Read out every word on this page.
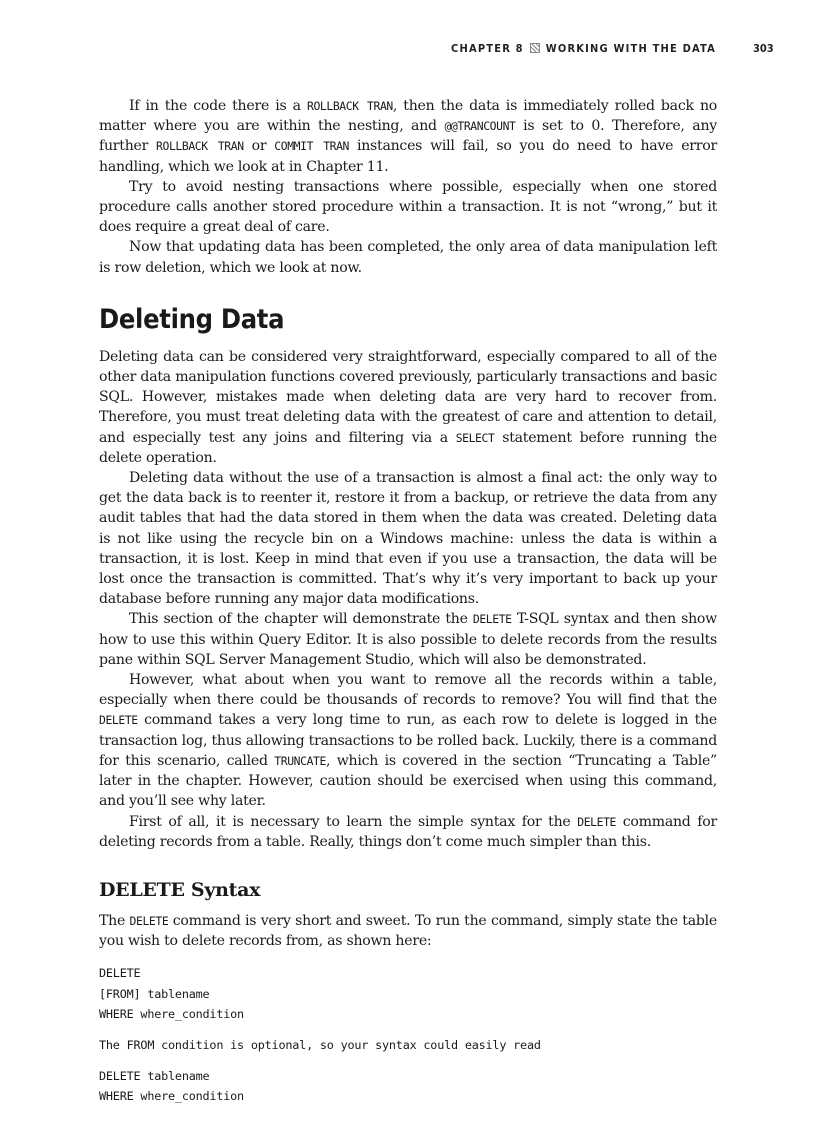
CHAPTER 8 WORKING WITH THE DATA	303

If in the code there is a ROLLBACK TRAN, then the data is immediately rolled back no matter where you are within the nesting, and @@TRANCOUNT is set to 0. Therefore, any further ROLLBACK TRAN or COMMIT TRAN instances will fail, so you do need to have error handling, which we look at in Chapter 11.

Try to avoid nesting transactions where possible, especially when one stored procedure calls another stored procedure within a transaction. It is not “wrong,” but it does require a great deal of care.

Now that updating data has been completed, the only area of data manipulation left is row deletion, which we look at now.

Deleting Data

Deleting data can be considered very straightforward, especially compared to all of the other data manipulation functions covered previously, particularly transactions and basic SQL. However, mistakes made when deleting data are very hard to recover from. Therefore, you must treat deleting data with the greatest of care and attention to detail, and especially test any joins and filtering via a SELECT statement before running the delete operation.

Deleting data without the use of a transaction is almost a final act: the only way to get the data back is to reenter it, restore it from a backup, or retrieve the data from any audit tables that had the data stored in them when the data was created. Deleting data is not like using the recycle bin on a Windows machine: unless the data is within a transaction, it is lost. Keep in mind that even if you use a transaction, the data will be lost once the transaction is committed. That’s why it’s very important to back up your database before running any major data modifications.

This section of the chapter will demonstrate the DELETE T-SQL syntax and then show how to use this within Query Editor. It is also possible to delete records from the results pane within SQL Server Management Studio, which will also be demonstrated.

However, what about when you want to remove all the records within a table, especially when there could be thousands of records to remove? You will find that the DELETE command takes a very long time to run, as each row to delete is logged in the transaction log, thus allowing transactions to be rolled back. Luckily, there is a command for this scenario, called TRUNCATE, which is covered in the section “Truncating a Table” later in the chapter. However, caution should be exercised when using this command, and you’ll see why later.

First of all, it is necessary to learn the simple syntax for the DELETE command for deleting records from a table. Really, things don’t come much simpler than this.

DELETE Syntax

The DELETE command is very short and sweet. To run the command, simply state the table you wish to delete records from, as shown here:

DELETE
[FROM] tablename
WHERE where_condition
The FROM condition is optional, so your syntax could easily read
DELETE tablename
WHERE where_condition
